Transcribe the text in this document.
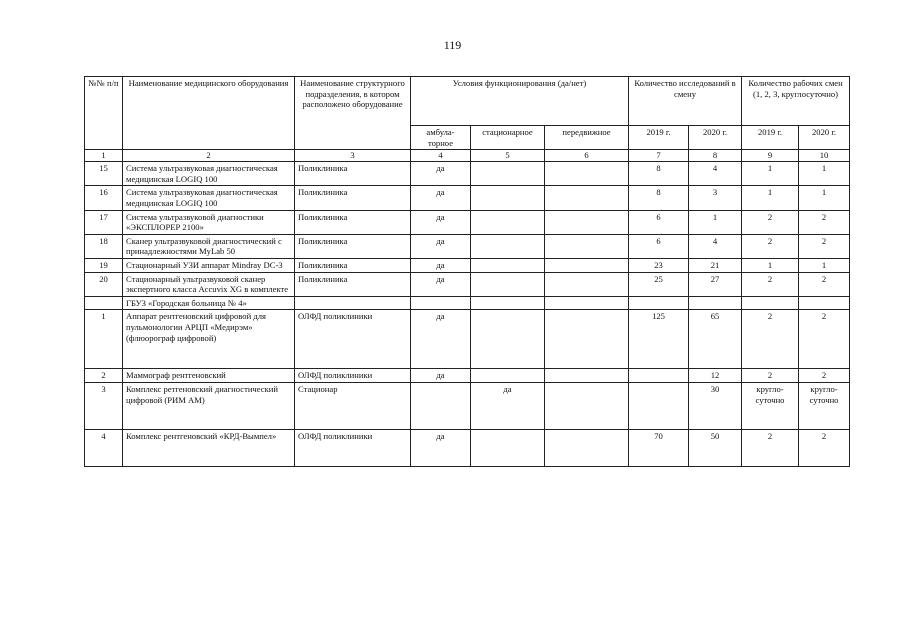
119
№№ п/п	Наименование медицинского оборудования	Наименование структурного подразделения, в котором расположено оборудование	Условия функционирования (да/нет)			Количество исследований в смену		Количество рабочих смен (1, 2, 3, круглосуточно)	
			амбула-торное	стационарное	передвижное	2019 г.	2020 г.	2019 г.	2020 г.
1	2	3	4	5	6	7	8	9	10
15	Система ультразвуковая диагностическая медицинская LOGIQ 100	Поликлиника	да			8	4	1	1
16	Система ультразвуковая диагностическая медицинская LOGIQ 100	Поликлиника	да			8	3	1	1
17	Система ультразвуковой диагностики «ЭКСПЛОРЕР 2100»	Поликлиника	да			6	1	2	2
18	Сканер ультразвуковой диагностический с принадлежностями MyLab 50	Поликлиника	да			6	4	2	2
19	Стационарный УЗИ аппарат Mindray DC-3	Поликлиника	да			23	21	1	1
20	Стационарный ультразвуковой сканер экспертного класса Accuvix XG в комплекте	Поликлиника	да			25	27	2	2
	ГБУЗ «Городская больница № 4»								
1	Аппарат рентгеновский цифровой для пульмонологии АРЦП «Медирэм» (флюорограф цифровой)	ОЛФД поликлиники	да			125	65	2	2
2	Маммограф рентгеновский	ОЛФД поликлиники	да				12	2	2
3	Комплекс ретгеновский диагностический цифровой (РИМ АМ)	Стационар		да			30	кругло-суточно	кругло-суточно
4	Комплекс рентгеновский «КРД-Вымпел»	ОЛФД поликлиники	да			70	50	2	2
